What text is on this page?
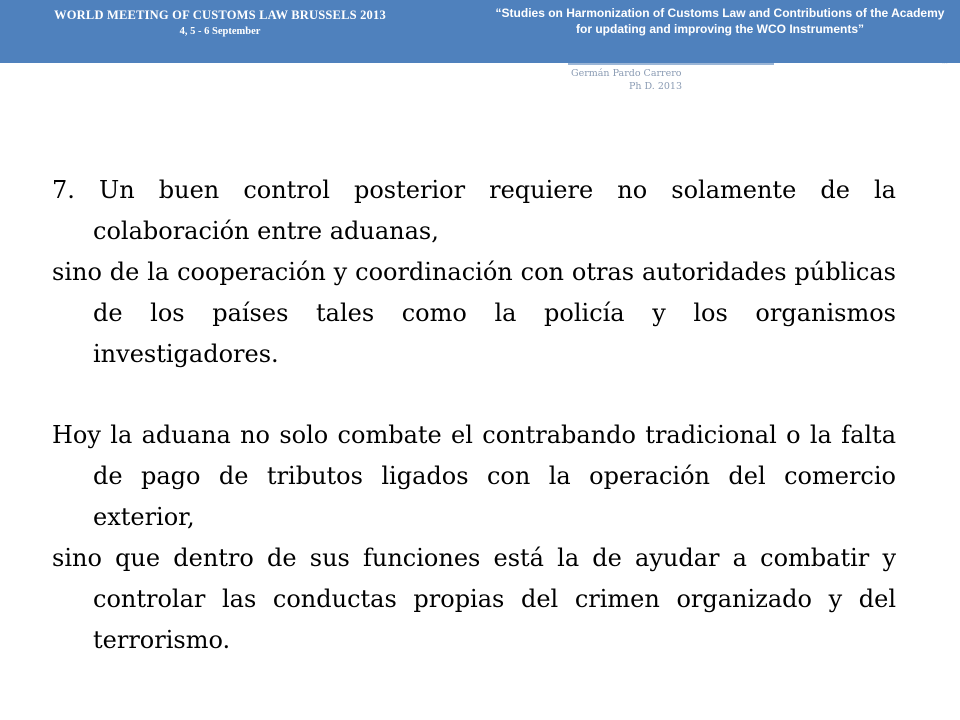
WORLD MEETING OF CUSTOMS LAW BRUSSELS 2013
4, 5 - 6 September
“Studies on Harmonization of Customs Law and Contributions of the Academy for updating and improving the WCO Instruments”
...
Germán Pardo Carrero
Ph D. 2013

7. Un buen control posterior requiere no solamente de la colaboración entre aduanas,

sino de la cooperación y coordinación con otras autoridades públicas de los países tales como la policía y los organismos investigadores.

Hoy la aduana no solo combate el contrabando tradicional o la falta de pago de tributos ligados con la operación del comercio exterior,

sino que dentro de sus funciones está la de ayudar a combatir y controlar las conductas propias del crimen organizado y del terrorismo.
